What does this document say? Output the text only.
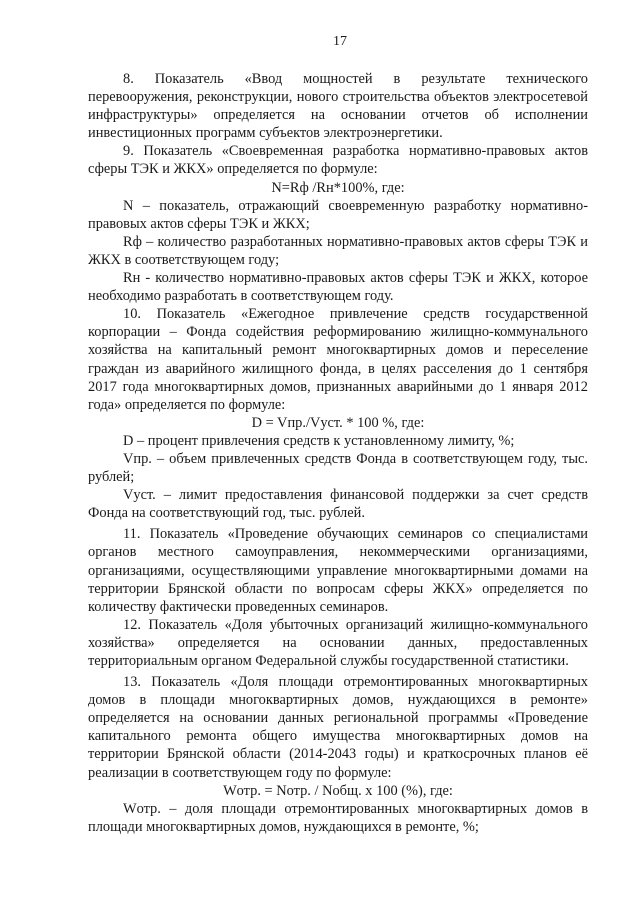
17

8. Показатель «Ввод мощностей в результате технического перевооружения, реконструкции, нового строительства объектов электросетевой инфраструктуры» определяется на основании отчетов об исполнении инвестиционных программ субъектов электроэнергетики.

9. Показатель «Своевременная разработка нормативно-правовых актов сферы ТЭК и ЖКХ» определяется по формуле:

N=Rф /Rн*100%, где:

N – показатель, отражающий своевременную разработку нормативно-правовых актов сферы ТЭК и ЖКХ;

Rф – количество разработанных нормативно-правовых актов сферы ТЭК и ЖКХ в соответствующем году;

Rн - количество нормативно-правовых актов сферы ТЭК и ЖКХ, которое необходимо разработать в соответствующем году.

10. Показатель «Ежегодное привлечение средств государственной корпорации – Фонда содействия реформированию жилищно-коммунального хозяйства на капитальный ремонт многоквартирных домов и переселение граждан из аварийного жилищного фонда, в целях расселения до 1 сентября 2017 года многоквартирных домов, признанных аварийными до 1 января 2012 года» определяется по формуле:

D = Vпр./Vуст. * 100 %, где:

D – процент привлечения средств к установленному лимиту, %;

Vпр. – объем привлеченных средств Фонда в соответствующем году, тыс. рублей;

Vуст. – лимит предоставления финансовой поддержки за счет средств Фонда на соответствующий год, тыс. рублей.

11. Показатель «Проведение обучающих семинаров со специалистами органов местного самоуправления, некоммерческими организациями, организациями, осуществляющими управление многоквартирными домами на территории Брянской области по вопросам сферы ЖКХ» определяется по количеству фактически проведенных семинаров.

12. Показатель «Доля убыточных организаций жилищно-коммунального хозяйства» определяется на основании данных, предоставленных территориальным органом Федеральной службы государственной статистики.

13. Показатель «Доля площади отремонтированных многоквартирных домов в площади многоквартирных домов, нуждающихся в ремонте» определяется на основании данных региональной программы «Проведение капитального ремонта общего имущества многоквартирных домов на территории Брянской области (2014-2043 годы) и краткосрочных планов её реализации в соответствующем году по формуле:

Wотр. = Nотр. / Nобщ. х 100 (%), где:

Wотр. – доля площади отремонтированных многоквартирных домов в площади многоквартирных домов, нуждающихся в ремонте, %;
